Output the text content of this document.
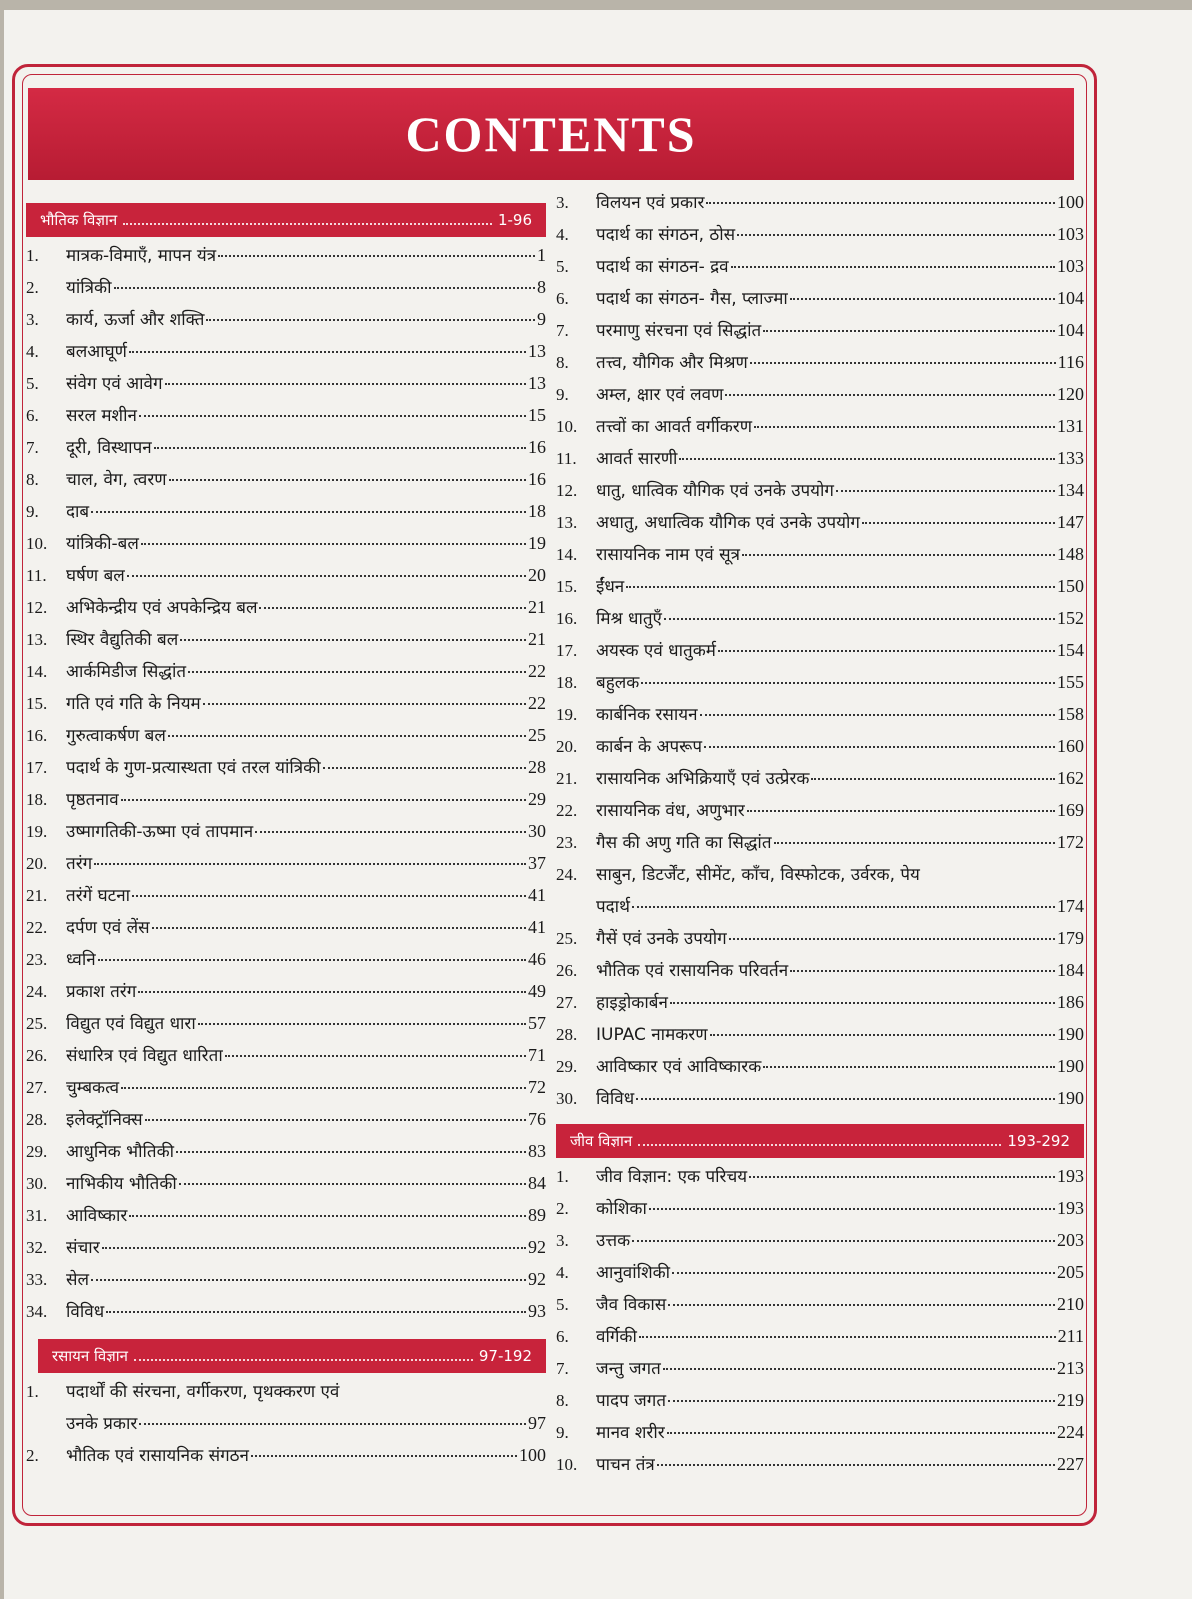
CONTENTS
भौतिक विज्ञान	1-96
1.	मात्रक-विमाएँ, मापन यंत्र	1
2.	यांत्रिकी	8
3.	कार्य, ऊर्जा और शक्ति	9
4.	बलआघूर्ण	13
5.	संवेग एवं आवेग	13
6.	सरल मशीन	15
7.	दूरी, विस्थापन	16
8.	चाल, वेग, त्वरण	16
9.	दाब	18
10.	यांत्रिकी-बल	19
11.	घर्षण बल	20
12.	अभिकेन्द्रीय एवं अपकेन्द्रिय बल	21
13.	स्थिर वैद्युतिकी बल	21
14.	आर्कमिडीज सिद्धांत	22
15.	गति एवं गति के नियम	22
16.	गुरुत्वाकर्षण बल	25
17.	पदार्थ के गुण-प्रत्यास्थता एवं तरल यांत्रिकी	28
18.	पृष्ठतनाव	29
19.	उष्मागतिकी-ऊष्मा एवं तापमान	30
20.	तरंग	37
21.	तरंगें घटना	41
22.	दर्पण एवं लेंस	41
23.	ध्वनि	46
24.	प्रकाश तरंग	49
25.	विद्युत एवं विद्युत धारा	57
26.	संधारित्र एवं विद्युत धारिता	71
27.	चुम्बकत्व	72
28.	इलेक्ट्रॉनिक्स	76
29.	आधुनिक भौतिकी	83
30.	नाभिकीय भौतिकी	84
31.	आविष्कार	89
32.	संचार	92
33.	सेल	92
34.	विविध	93
रसायन विज्ञान	97-192
1.	पदार्थों की संरचना, वर्गीकरण, पृथक्करण एवं
उनके प्रकार	97
2.	भौतिक एवं रासायनिक संगठन	100
3.	विलयन एवं प्रकार	100
4.	पदार्थ का संगठन, ठोस	103
5.	पदार्थ का संगठन- द्रव	103
6.	पदार्थ का संगठन- गैस, प्लाज्मा	104
7.	परमाणु संरचना एवं सिद्धांत	104
8.	तत्त्व, यौगिक और मिश्रण	116
9.	अम्ल, क्षार एवं लवण	120
10.	तत्त्वों का आवर्त वर्गीकरण	131
11.	आवर्त सारणी	133
12.	धातु, धात्विक यौगिक एवं उनके उपयोग	134
13.	अधातु, अधात्विक यौगिक एवं उनके उपयोग	147
14.	रासायनिक नाम एवं सूत्र	148
15.	ईंधन	150
16.	मिश्र धातुएँ	152
17.	अयस्क एवं धातुकर्म	154
18.	बहुलक	155
19.	कार्बनिक रसायन	158
20.	कार्बन के अपरूप	160
21.	रासायनिक अभिक्रियाएँ एवं उत्प्रेरक	162
22.	रासायनिक वंध, अणुभार	169
23.	गैस की अणु गति का सिद्धांत	172
24.	साबुन, डिटर्जेंट, सीमेंट, काँच, विस्फोटक, उर्वरक, पेय
पदार्थ	174
25.	गैसें एवं उनके उपयोग	179
26.	भौतिक एवं रासायनिक परिवर्तन	184
27.	हाइड्रोकार्बन	186
28.	IUPAC नामकरण	190
29.	आविष्कार एवं आविष्कारक	190
30.	विविध	190
जीव विज्ञान	193-292
1.	जीव विज्ञान: एक परिचय	193
2.	कोशिका	193
3.	उत्तक	203
4.	आनुवांशिकी	205
5.	जैव विकास	210
6.	वर्गिकी	211
7.	जन्तु जगत	213
8.	पादप जगत	219
9.	मानव शरीर	224
10.	पाचन तंत्र	227
